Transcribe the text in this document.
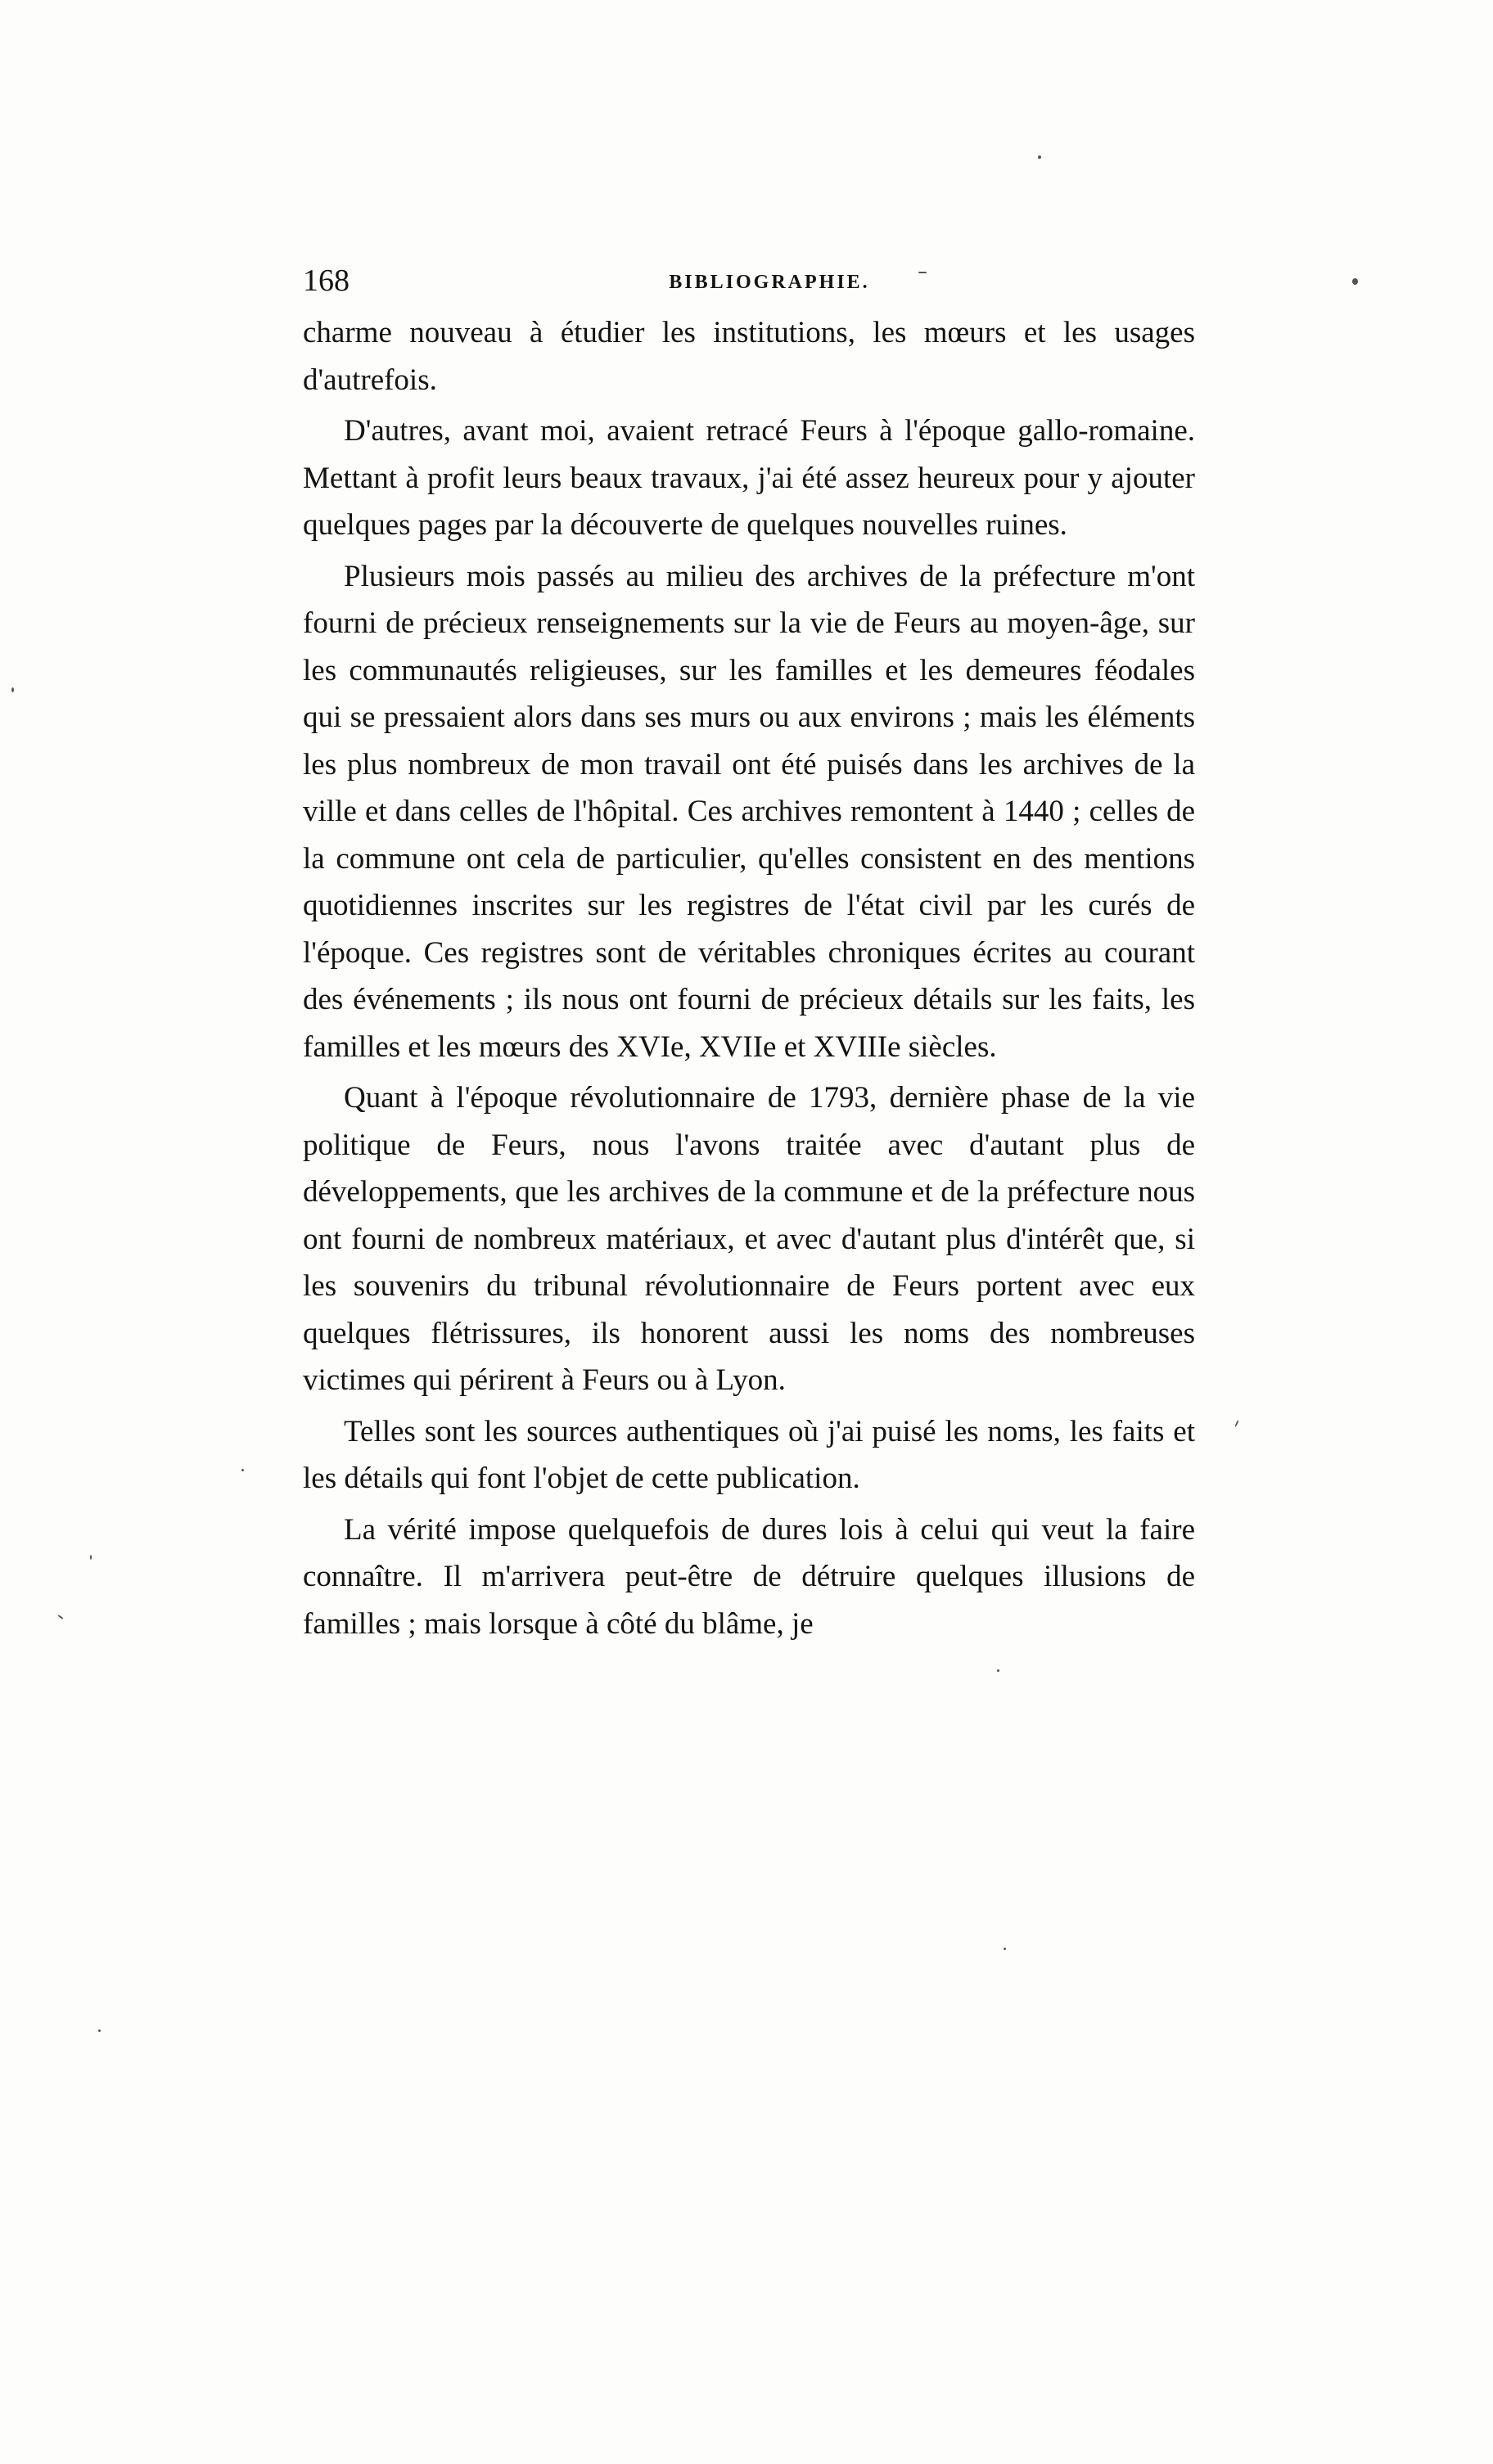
168	BIBLIOGRAPHIE.

charme nouveau à étudier les institutions, les mœurs et les usages d'autrefois.

D'autres, avant moi, avaient retracé Feurs à l'époque gallo-romaine. Mettant à profit leurs beaux travaux, j'ai été assez heureux pour y ajouter quelques pages par la découverte de quelques nouvelles ruines.

Plusieurs mois passés au milieu des archives de la préfecture m'ont fourni de précieux renseignements sur la vie de Feurs au moyen-âge, sur les communautés religieuses, sur les familles et les demeures féodales qui se pressaient alors dans ses murs ou aux environs ; mais les éléments les plus nombreux de mon travail ont été puisés dans les archives de la ville et dans celles de l'hôpital. Ces archives remontent à 1440 ; celles de la commune ont cela de particulier, qu'elles consistent en des mentions quotidiennes inscrites sur les registres de l'état civil par les curés de l'époque. Ces registres sont de véritables chroniques écrites au courant des événements ; ils nous ont fourni de précieux détails sur les faits, les familles et les mœurs des XVIe, XVIIe et XVIIIe siècles.

Quant à l'époque révolutionnaire de 1793, dernière phase de la vie politique de Feurs, nous l'avons traitée avec d'autant plus de développements, que les archives de la commune et de la préfecture nous ont fourni de nombreux matériaux, et avec d'autant plus d'intérêt que, si les souvenirs du tribunal révolutionnaire de Feurs portent avec eux quelques flétrissures, ils honorent aussi les noms des nombreuses victimes qui périrent à Feurs ou à Lyon.

Telles sont les sources authentiques où j'ai puisé les noms, les faits et les détails qui font l'objet de cette publication.

La vérité impose quelquefois de dures lois à celui qui veut la faire connaître. Il m'arrivera peut-être de détruire quelques illusions de familles ; mais lorsque à côté du blâme, je
